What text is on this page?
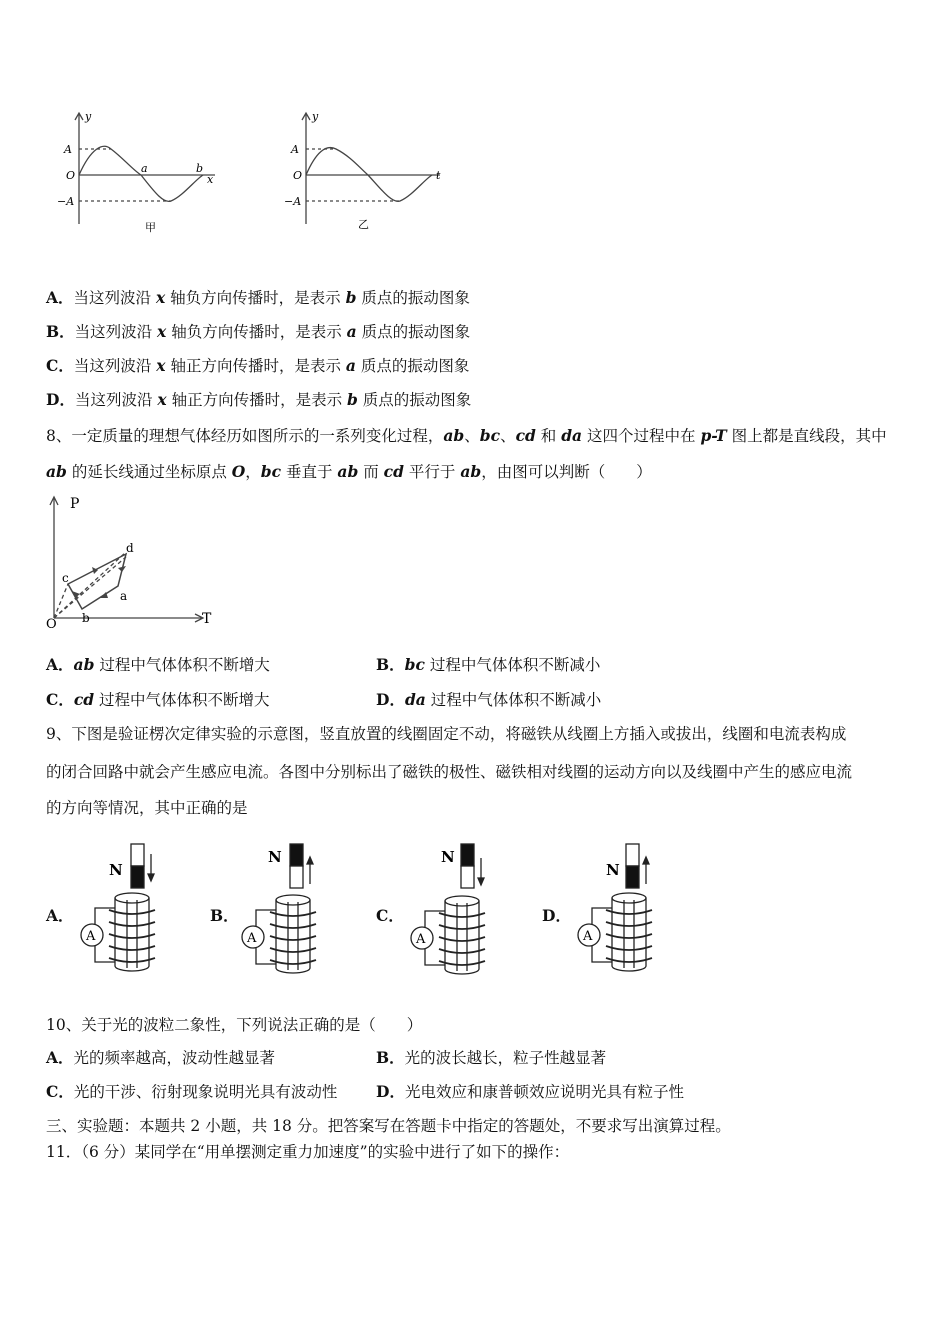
y
A
O
−A
a	b
x
甲
y
A
O
−A
t
乙
A．当这列波沿 x 轴负方向传播时，是表示 b 质点的振动图象
B．当这列波沿 x 轴负方向传播时，是表示 a 质点的振动图象
C．当这列波沿 x 轴正方向传播时，是表示 a 质点的振动图象
D．当这列波沿 x 轴正方向传播时，是表示 b 质点的振动图象
8、一定质量的理想气体经历如图所示的一系列变化过程，ab、bc、cd 和 da 这四个过程中在 p-T 图上都是直线段，其中
ab 的延长线通过坐标原点 O，bc 垂直于 ab 而 cd 平行于 ab，由图可以判断（　　）
P
T
O
a
b
c
d
A．ab 过程中气体体积不断增大	B．bc 过程中气体体积不断减小
C．cd 过程中气体体积不断增大	D．da 过程中气体体积不断减小
9、下图是验证楞次定律实验的示意图，竖直放置的线圈固定不动，将磁铁从线圈上方插入或拔出，线圈和电流表构成
的闭合回路中就会产生感应电流。各图中分别标出了磁铁的极性、磁铁相对线圈的运动方向以及线圈中产生的感应电流
的方向等情况，其中正确的是
A．	B．	C．	D．
N
A
N
A
N
A
N
A
10、关于光的波粒二象性，下列说法正确的是（　　）
A．光的频率越高，波动性越显著	B．光的波长越长，粒子性越显著
C．光的干涉、衍射现象说明光具有波动性 D．光电效应和康普顿效应说明光具有粒子性
三、实验题：本题共 2 小题，共 18 分。把答案写在答题卡中指定的答题处，不要求写出演算过程。
11．（6 分）某同学在“用单摆测定重力加速度”的实验中进行了如下的操作：
